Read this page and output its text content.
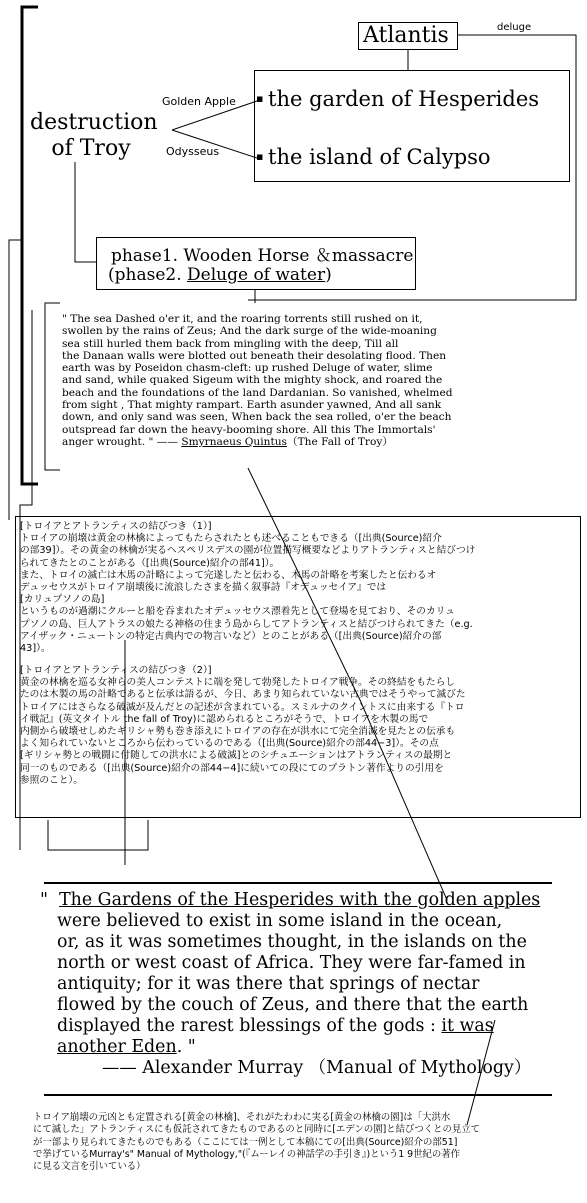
Atlantis	deluge
Golden Apple
Odysseus
▪ the garden of Hesperides
▪ the island of Calypso
destruction
of Troy
phase1. Wooden Horse ＆massacre
(phase2. Deluge of water)
" The sea Dashed o'er it, and the roaring torrents still rushed on it,
swollen by the rains of Zeus; And the dark surge of the wide-moaning
sea still hurled them back from mingling with the deep, Till all
the Danaan walls were blotted out beneath their desolating flood. Then
earth was by Poseidon chasm-cleft: up rushed Deluge of water, slime
and sand, while quaked Sigeum with the mighty shock, and roared the
beach and the foundations of the land Dardanian. So vanished, whelmed
from sight , That mighty rampart. Earth asunder yawned, And all sank
down, and only sand was seen, When back the sea rolled, o'er the beach
outspread far down the heavy-booming shore. All this The Immortals'
anger wrought. " —— Smyrnaeus Quintus（The Fall of Troy）
[トロイアとアトランティスの結びつき（1）]
トロイアの崩壊は黄金の林檎によってもたらされたとも述べることもできる（[出典(Source)紹介
の部39]）。その黄金の林檎が実るヘスペリスデスの園が位置描写概要などよりアトランティスと結びつけ
られてきたとのことがある（[出典(Source)紹介の部41]）。
また、トロイの滅亡は木馬の計略によって完遂したと伝わる、木馬の計略を考案したと伝わるオ
デュッセウスがトロイア崩壊後に流浪したさまを描く叙事詩『オデュッセイア』では
[カリュプソノの島]
というものが過潮にクルーと船を吞まれたオデュッセウス漂着先として登場を見ており、そのカリュ
プソノの島、巨人アトラスの娘たる神格の住まう島からしてアトランティスと結びつけられてきた（e.g.
アイザック・ニュートンの特定古典内での物言いなど）とのことがある（[出典(Source)紹介の部
43]）。
[トロイアとアトランティスの結びつき（2）]
黄金の林檎を巡る女神らの美人コンテストに端を発して勃発したトロイア戦争。その終結をもたらし
たのは木製の馬の計略であると伝承は語るが、今日、あまり知られていない古典ではそうやって滅びた
トロイアにはさらなる破滅が及んだとの記述が含まれている。スミルナのクイントスに由来する『トロ
イ戦記』(英文タイトル the fall of Troy)に認められるところがそうで、トロイアを木製の馬で
内側から破壊せしめたギリシャ勢も巻き添えにトロイアの存在が洪水にて完全消滅を見たとの伝承も
よく知られていないところから伝わっているのである（[出典(Source)紹介の部44−3]）。その点
[ギリシャ勢との戦闘に付随しての洪水による破滅]とのシチュエーションはアトランティスの最期と
同一のものである（[出典(Source)紹介の部44−4]に続いての段にてのプラトン著作よりの引用を
参照のこと）。
" The Gardens of the Hesperides with the golden apples
were believed to exist in some island in the ocean,
or, as it was sometimes thought, in the islands on the
north or west coast of Africa. They were far-famed in
antiquity; for it was there that springs of nectar
flowed by the couch of Zeus, and there that the earth
displayed the rarest blessings of the gods : it was
another Eden. "
—— Alexander Murray （Manual of Mythology）
トロイア崩壊の元凶とも定置される[黄金の林檎]、それがたわわに実る[黄金の林檎の園]は「大洪水
にて滅した」アトランティスにも仮託されてきたものであるのと同時に[エデンの園]と結びつくとの見立て
が一部より見られてきたものでもある（ここにては一例として本稿にての[出典(Source)紹介の部51]
で挙げているMurray's" Manual of Mythology,"(『ムーレイの神話学の手引き』)という1 9世紀の著作
に見る文言を引いている）
